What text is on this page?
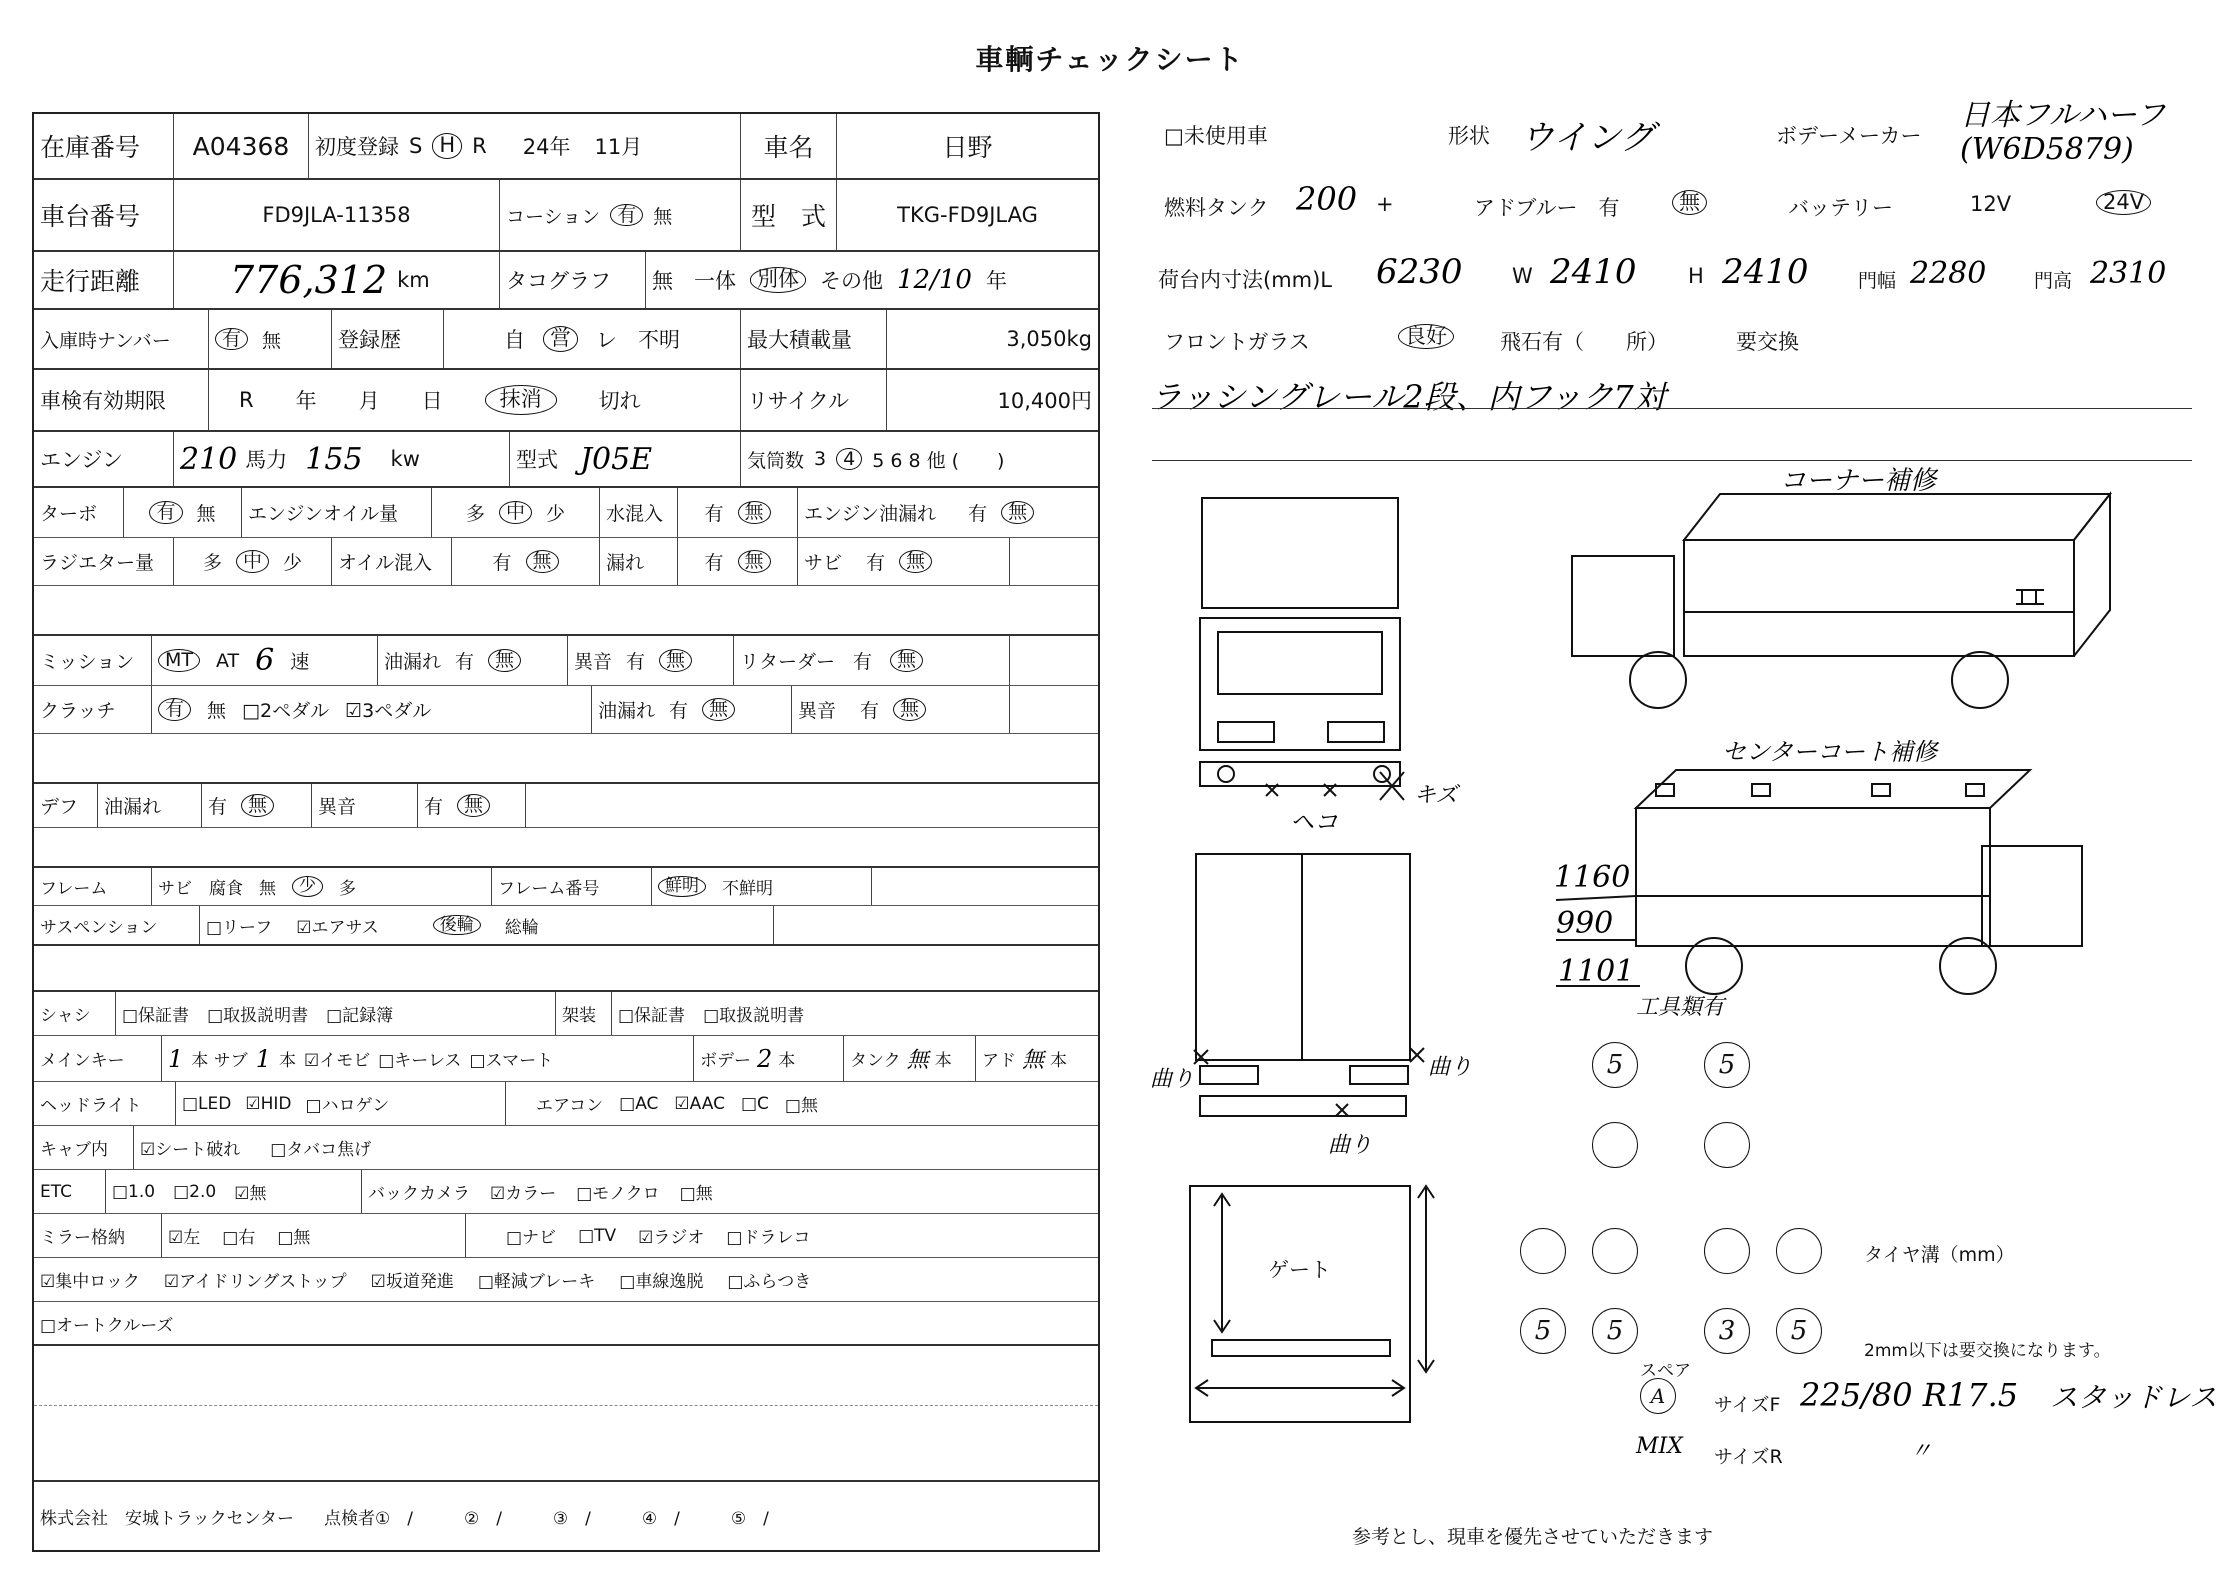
車輌チェックシート
在庫番号	A04368	初度登録 S H R 24年 11月	車名	日野
車台番号	FD9JLA-11358	コーション 有 無	型　式	TKG-FD9JLAG
走行距離	776,312 km	タコグラフ	無　一体	別体	その他 12/10 年
入庫時ナンバー	有	無	登録歴	自	営	レ　不明	最大積載量	3,050kg
車検有効期限	R 年 月 日	抹消	切れ	リサイクル	10,400円
エンジン	210 馬力 155 kw	型式 J05E	気筒数 3 4 5 6 8 他 (　　)
ターボ	有	無	エンジンオイル量	多	中	少	水混入	有	無	エンジン油漏れ 有	無
ラジエター量	多	中	少	オイル混入	有	無	漏れ	有	無	サビ 有	無
ミッション	MT	AT 6 速	油漏れ 有	無	異音 有	無	リターダー 有	無
クラッチ	有	無 □2ペダル ☑3ペダル	油漏れ 有	無	異音 有	無
デフ	油漏れ	有	無	異音	有	無
フレーム	サビ　腐食 無	少	多	フレーム番号	鮮明	不鮮明
サスペンション	□リーフ ☑エアサス	後輪	総輪
シャシ	□保証書 □取扱説明書 □記録簿	架装	□保証書 □取扱説明書
メインキー	1 本 サブ 1 本 ☑イモビ □キーレス □スマート	ボデー 2 本	タンク 無 本 アド 無 本
ヘッドライト	□LED ☑HID □ハロゲン	エアコン □AC ☑AAC □C □無
キャブ内	☑シート破れ □タバコ焦げ
ETC	□1.0 □2.0 ☑無	バックカメラ ☑カラー □モノクロ □無
ミラー格納	☑左 □右 □無	□ナビ □TV ☑ラジオ □ドラレコ
☑集中ロック ☑アイドリングストップ ☑坂道発進 □軽減ブレーキ □車線逸脱 □ふらつき
□オートクルーズ
株式会社　安城トラックセンター 点検者①　/　　　②　/　　　③　/　　　④　/　　　⑤　/
□未使用車	形状 ウイング	ボデーメーカー
日本フルハーフ
(W6D5879)
燃料タンク 200 +	アドブルー　有	無	バッテリー	12V	24V
荷台内寸法(mm)L 6230 W 2410 H 2410	門幅 2280	門高 2310
フロントガラス	良好	飛石有（　　所）	要交換
ラッシングレール2段、内フック7対
コーナー補修
センターコート補修
ヘコ
キズ
曲り	曲り
曲り
1160
990
1101
ゲート
工具類有
5	5
5	5	3	5
タイヤ溝（mm）
2mm以下は要交換になります。
スペア
A	サイズF 225/80 R17.5 スタッドレス
MIX サイズR	〃
参考とし、現車を優先させていただきます
